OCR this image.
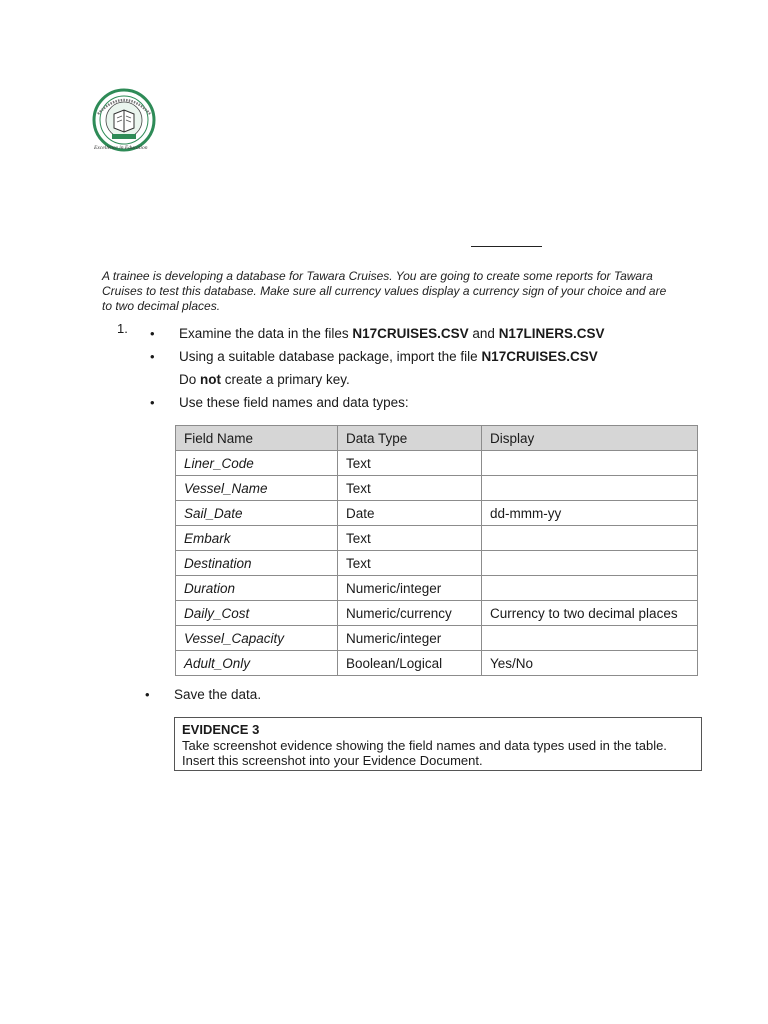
Excellence in Education
A trainee is developing a database for Tawara Cruises. You are going to create some reports for Tawara Cruises to test this database. Make sure all currency values display a currency sign of your choice and are to two decimal places.
1. • Examine the data in the files N17CRUISES.CSV and N17LINERS.CSV
• Using a suitable database package, import the file N17CRUISES.CSV
Do not create a primary key.
• Use these field names and data types:
Field Name	Data Type	Display
Liner_Code	Text	
Vessel_Name	Text	
Sail_Date	Date	dd-mmm-yy
Embark	Text	
Destination	Text	
Duration	Numeric/integer	
Daily_Cost	Numeric/currency	Currency to two decimal places
Vessel_Capacity	Numeric/integer	
Adult_Only	Boolean/Logical	Yes/No
• Save the data.
EVIDENCE 3
Take screenshot evidence showing the field names and data types used in the table.
Insert this screenshot into your Evidence Document.
